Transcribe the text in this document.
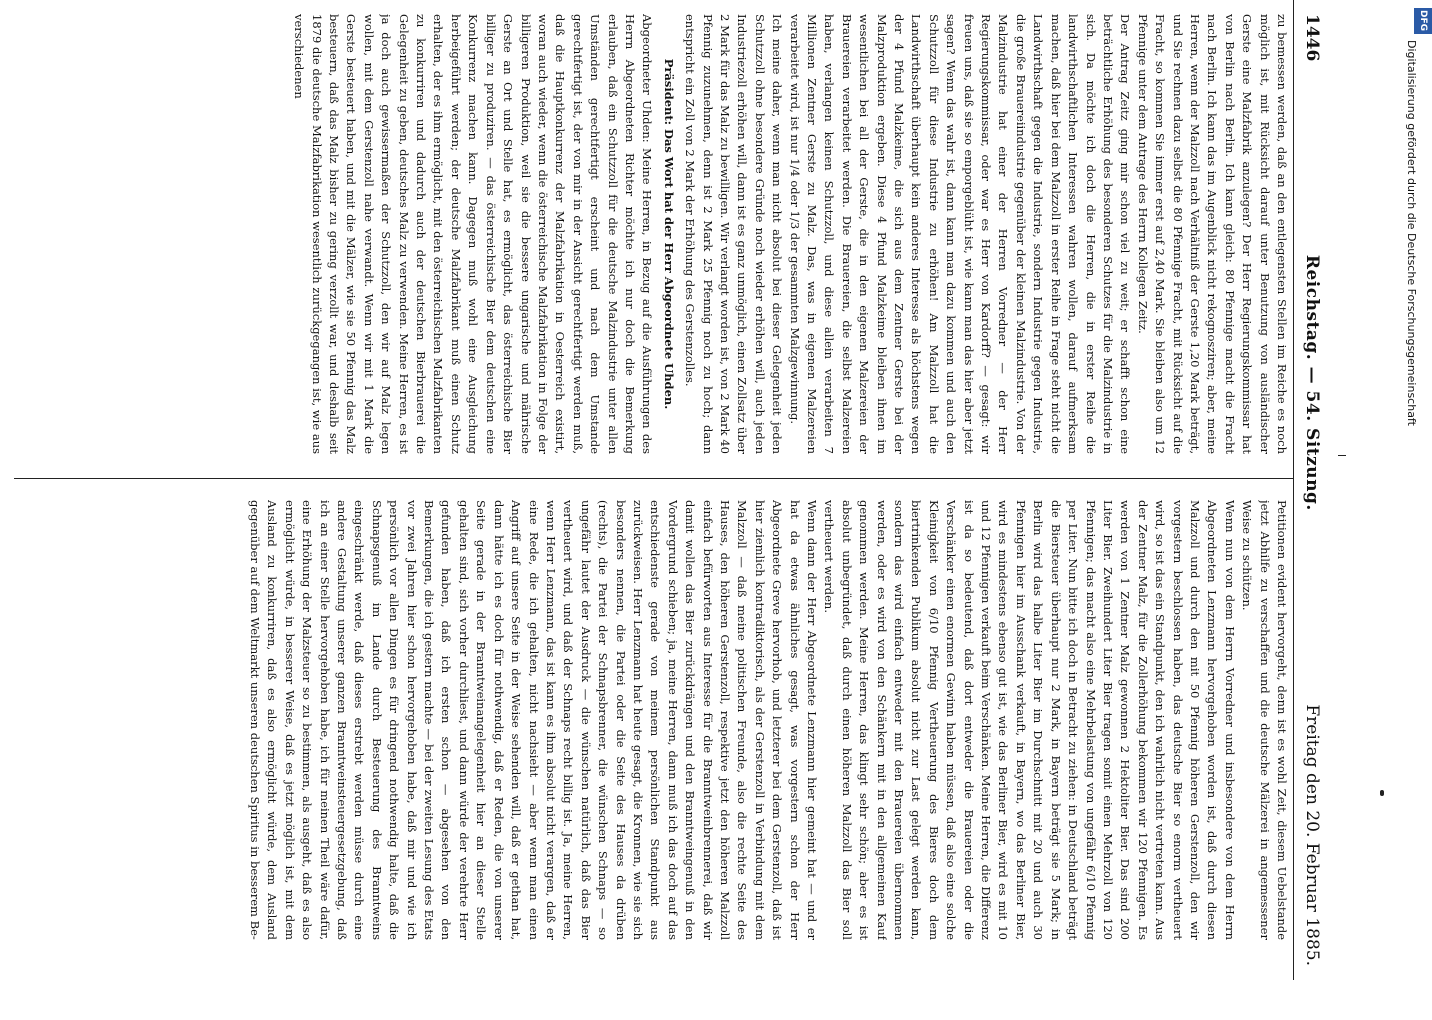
1446
Reichstag. — 54. Sitzung.
Freitag den 20. Februar 1885.

zu bemessen werden, daß an den entlegensten Stellen im Reiche es noch möglich ist, mit Rücksicht darauf unter Benutzung von ausländischer Gerste eine Malzfabrik anzulegen? Der Herr Regierungskommissar hat von Berlin nach Berlin. Ich kann gleich: 80 Pfennige macht die Fracht nach Berlin. Ich kann das im Augenblick nicht rekognosziren; aber, meine Herren, wenn der Malzzoll nach Verhältniß der Gerste 1,20 Mark beträgt, und Sie rechnen dazu selbst die 80 Pfennige Fracht, mit Rücksicht auf die Fracht, so kommen Sie immer erst auf 2,40 Mark. Sie bleiben also um 12 Pfennige unter dem Antrage des Herrn Kollegen Zeitz.

Der Antrag Zeitz ging mir schon viel zu weit; er schafft schon eine beträchtliche Erhöhung des besonderen Schutzes für die Malzindustrie in sich. Da möchte ich doch die Herren, die in erster Reihe die landwirthschaftlichen Interessen wahren wollen, darauf aufmerksam machen, daß hier bei dem Malzzoll in erster Reihe in Frage steht nicht die Landwirthschaft gegen die Industrie, sondern Industrie gegen Industrie, die große Brauereiindustrie gegenüber der kleinen Malzindustrie. Von der Malzindustrie hat einer der Herren Vorredner — der Herr Regierungskommissar, oder war es Herr von Kardorff? — gesagt: wir freuen uns, daß sie so emporgeblüht ist, wie kann man das hier aber jetzt sagen? Wenn das wahr ist, dann kann man dazu kommen und auch den Schutzzoll für diese Industrie zu erhöhen! Am Malzzoll hat die Landwirthschaft überhaupt kein anderes Interesse als höchstens wegen der 4 Pfund Malzkeime, die sich aus dem Zentner Gerste bei der Malzproduktion ergeben. Diese 4 Pfund Malzkeime bleiben ihnen im wesentlichen bei all der Gerste, die in den eigenen Malzereien der Brauereien verarbeitet werden. Die Brauereien, die selbst Malzereien haben, verlangen keinen Schutzzoll, und diese allein verarbeiten 7 Millionen Zentner Gerste zu Malz. Das, was in eigenen Malzereien verarbeitet wird, ist nur 1/4 oder 1/3 der gesammten Malzgewinnung.

Ich meine daher, wenn man nicht absolut bei dieser Gelegenheit jeden Schutzzoll ohne besondere Gründe noch wieder erhöhen will, auch jeden Industriezoll erhöhen will, dann ist es ganz unmöglich, einen Zollsatz über 2 Mark für das Malz zu bewilligen. Wir verlangt worden ist, von 2 Mark 40 Pfennig zuzunehmen, denn ist 2 Mark 25 Pfennig noch zu hoch; dann entspricht ein Zoll von 2 Mark der Erhöhung des Gerstenzolles.

Präsident: Das Wort hat der Herr Abgeordnete Uhden.

Abgeordneter Uhden: Meine Herren, in Bezug auf die Ausführungen des Herrn Abgeordneten Richter möchte ich nur doch die Bemerkung erlauben, daß ein Schutzzoll für die deutsche Malzindustrie unter allen Umständen gerechtfertigt erscheint und nach dem Umstande gerechtfertigt ist, der von mir in der Ansicht gerechtfertigt werden muß, daß die Hauptkonkurrenz der Malzfabrikation in Oesterreich existirt, woran auch wieder, wenn die österreichische Malzfabrikation in Folge der billigeren Produktion, weil sie die bessere ungarische und mährische Gerste an Ort und Stelle hat, es ermöglicht, das österreichische Bier billiger zu produziren. — das österreichische Bier dem deutschen eine Konkurrenz machen kann. Dagegen muß wohl eine Ausgleichung herbeigeführt werden; der deutsche Malzfabrikant muß einen Schutz erhalten, der es ihm ermöglicht, mit den österreichischen Malzfabrikanten zu konkurriren und dadurch auch der deutschen Bierbrauerei die Gelegenheit zu geben, deutsches Malz zu verwenden. Meine Herren, es ist ja doch auch gewissermaßen der Schutzzoll, den wir auf Malz legen wollen, mit dem Gerstenzoll nahe verwandt. Wenn wir mit 1 Mark die Gerste besteuert haben, und mit die Mälzer, wie sie 50 Pfennig das Malz besteuern, daß das Malz bisher zu gering verzollt war, und deshalb seit 1879 die deutsche Malzfabrikation wesentlich zurückgegangen ist, wie aus verschiedenen

Petitionen evident hervorgeht, denn ist es wohl Zeit, diesem Uebelstande jetzt Abhilfe zu verschaffen und die deutsche Mälzerei in angemessener Weise zu schützen.

Wenn nun von dem Herrn Vorredner und insbesondere von dem Herrn Abgeordneten Lenzmann hervorgehoben worden ist, daß durch diesen Malzzoll und durch den mit 50 Pfennig höheren Gerstenzoll, den wir vorgestern beschlossen haben, das deutsche Bier so enorm vertheuert wird, so ist das ein Standpunkt, den ich wahrlich nicht vertreten kann. Aus der Zentner Malz, für die Zollerhöhung bekommen wir 120 Pfennigen. Es werden von 1 Zentner Malz gewonnen 2 Hektoliter Bier. Das sind 200 Liter Bier. Zweihundert Liter Bier tragen somit einen Mehrzoll von 120 Pfennigen; das macht also eine Mehrbelastung von ungefähr 6/10 Pfennig per Liter. Nun bitte ich doch in Betracht zu ziehen: in Deutschland beträgt die Biersteuer überhaupt nur 2 Mark, in Bayern beträgt sie 5 Mark; in Berlin wird das halbe Liter Bier im Durchschnitt mit 20 und auch 30 Pfennigen hier im Ausschank verkauft, in Bayern, wo das Berliner Bier, wird es mindestens ebenso gut ist, wie das Berliner Bier, wird es mit 10 und 12 Pfennigen verkauft beim Verschänken. Meine Herren, die Differenz ist da so bedeutend, daß dort entweder die Brauereien oder die Verschänker einen enormen Gewinn haben müssen, daß also eine solche Kleinigkeit von 6/10 Pfennig Vertheuerung des Bieres doch dem biertrinkenden Publikum absolut nicht zur Last gelegt werden kann, sondern das wird einfach entweder mit den Brauereien übernommen werden, oder es wird von den Schänkern mit in den allgemeinen Kauf genommen werden. Meine Herren, das klingt sehr schön; aber es ist absolut unbegründet, daß durch einen höheren Malzzoll das Bier soll vertheuert werden.

Wenn dann der Herr Abgeordnete Lenzmann hier gemeint hat — und er hat da etwas ähnliches gesagt, was vorgestern schon der Herr Abgeordnete Greve hervorhob, und letzterer bei dem Gerstenzoll, daß ist hier ziemlich kontradiktorisch, als der Gerstenzoll in Verbindung mit dem Malzzoll — daß meine politischen Freunde, also die rechte Seite des Hauses, den höheren Gerstenzoll, respektive jetzt den höheren Malzzoll einfach befürworten aus Interesse für die Branntweinbrennerei, daß wir damit wollen das Bier zurückdrängen und den Branntweingenuß in den Vordergrund schieben; ja, meine Herren, dann muß ich das doch auf das entschiedenste gerade von meinem persönlichen Standpunkt aus zurückweisen. Herr Lenzmann hat heute gesagt, die Kronnen, wie sie sich besonders nennen, die Partei oder die Seite des Hauses da drüben (rechts), die Partei der Schnapsbrenner, die wünschen Schnaps — so ungefähr lautet der Ausdruck — die wünschen natürlich, daß das Bier vertheuert wird, und daß der Schnaps recht billig ist. Ja, meine Herren, wenn Herr Lenzmann, das ist kann es ihm absolut nicht verargen, daß er eine Rede, die ich gehalten, nicht nachsieht — aber wenn man einen Angriff auf unsere Seite in der Weise sehenden will, daß er gethan hat, dann hätte ich es doch für nothwendig, daß er Reden, die von unserer Seite gerade in der Branntweinangelegenheit hier an dieser Stelle gehalten sind, sich vorher durchliest, und dann würde der verehrte Herr gefunden haben, daß ich ersten schon — abgesehen von den Bemerkungen, die ich gestern machte — bei der zweiten Lesung des Etats vor zwei Jahren hier schon hervorgehoben habe, daß mir und wie ich persönlich vor allen Dingen es für dringend nothwendig halte, daß die Schnapsgenuß im Lande durch Besteuerung des Branntweins eingeschränkt werde, daß dieses erstrebt werden müsse durch eine andere Gestaltung unserer ganzen Branntweinsteuergesetzgebung, daß ich an einer Stelle hervorgehoben habe, ich für meinen Theil wäre dafür, eine Erhöhung der Malzsteuer so zu bestimmen, als ausgeht, daß es also ermöglicht würde, in besserer Weise, daß es jetzt möglich ist, mit dem Ausland zu konkurriren, daß es also ermöglicht würde, dem Ausland gegenüber auf dem Weltmarkt unseren deutschen Spiritus in besserem Be-

DFG
Digitalisierung gefördert durch die Deutsche Forschungsgemeinschaft
